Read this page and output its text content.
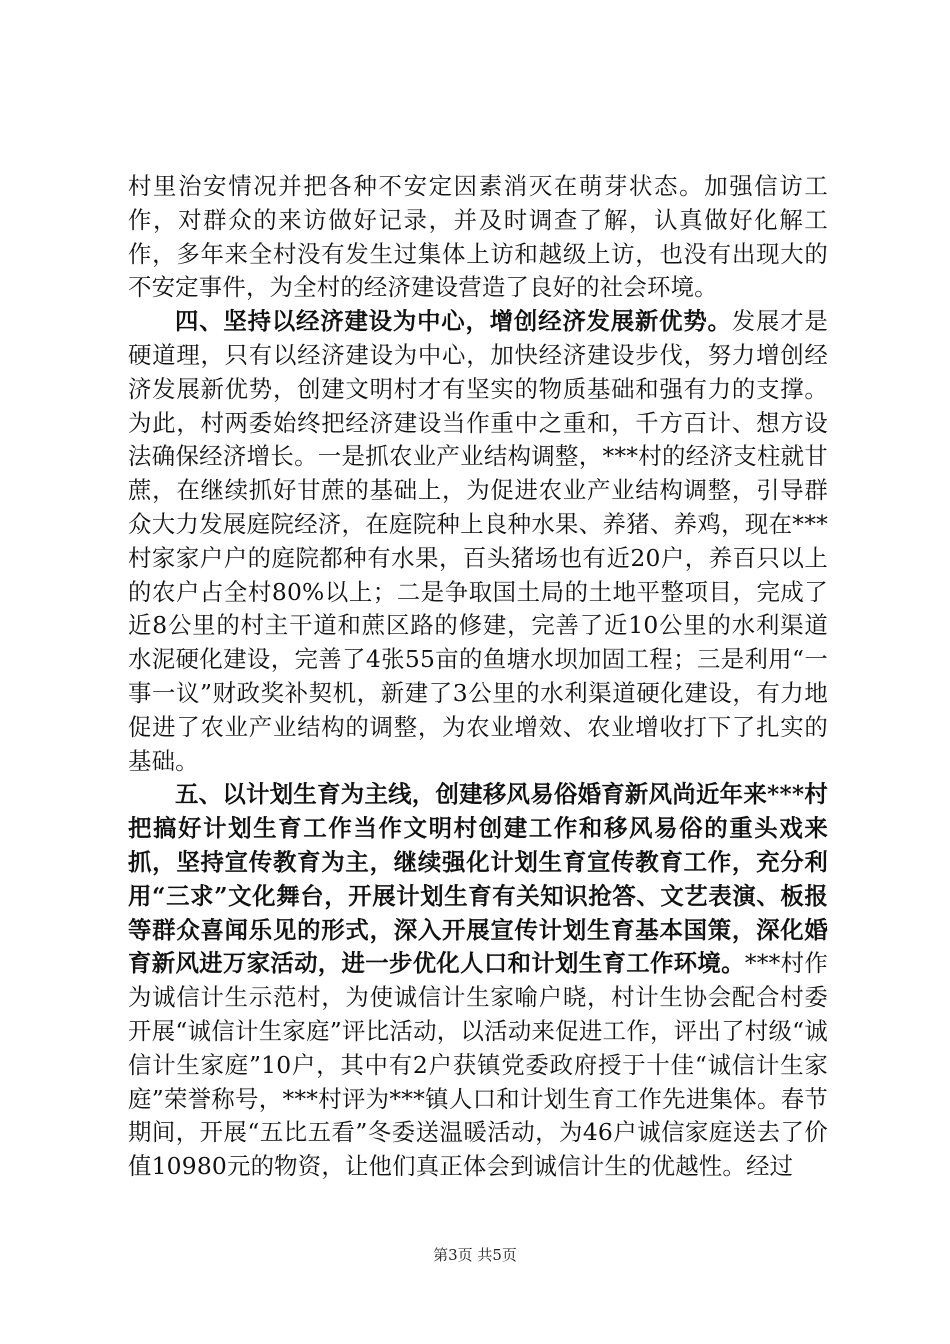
村里治安情况并把各种不安定因素消灭在萌芽状态。加强信访工作，对群众的来访做好记录，并及时调查了解，认真做好化解工作，多年来全村没有发生过集体上访和越级上访，也没有出现大的不安定事件，为全村的经济建设营造了良好的社会环境。

四、坚持以经济建设为中心，增创经济发展新优势。发展才是硬道理，只有以经济建设为中心，加快经济建设步伐，努力增创经济发展新优势，创建文明村才有坚实的物质基础和强有力的支撑。为此，村两委始终把经济建设当作重中之重和，千方百计、想方设法确保经济增长。一是抓农业产业结构调整，***村的经济支柱就甘蔗，在继续抓好甘蔗的基础上，为促进农业产业结构调整，引导群众大力发展庭院经济，在庭院种上良种水果、养猪、养鸡，现在***村家家户户的庭院都种有水果，百头猪场也有近20户，养百只以上的农户占全村80%以上；二是争取国土局的土地平整项目，完成了近8公里的村主干道和蔗区路的修建，完善了近10公里的水利渠道水泥硬化建设，完善了4张55亩的鱼塘水坝加固工程；三是利用“一事一议”财政奖补契机，新建了3公里的水利渠道硬化建设，有力地促进了农业产业结构的调整，为农业增效、农业增收打下了扎实的基础。

五、以计划生育为主线，创建移风易俗婚育新风尚近年来***村把搞好计划生育工作当作文明村创建工作和移风易俗的重头戏来抓，坚持宣传教育为主，继续强化计划生育宣传教育工作，充分利用“三求”文化舞台，开展计划生育有关知识抢答、文艺表演、板报等群众喜闻乐见的形式，深入开展宣传计划生育基本国策，深化婚育新风进万家活动，进一步优化人口和计划生育工作环境。***村作为诚信计生示范村，为使诚信计生家喻户晓，村计生协会配合村委开展“诚信计生家庭”评比活动，以活动来促进工作，评出了村级“诚信计生家庭”10户，其中有2户获镇党委政府授于十佳“诚信计生家庭”荣誉称号，***村评为***镇人口和计划生育工作先进集体。春节期间，开展“五比五看”冬委送温暖活动，为46户诚信家庭送去了价值10980元的物资，让他们真正体会到诚信计生的优越性。经过

第3页 共5页
